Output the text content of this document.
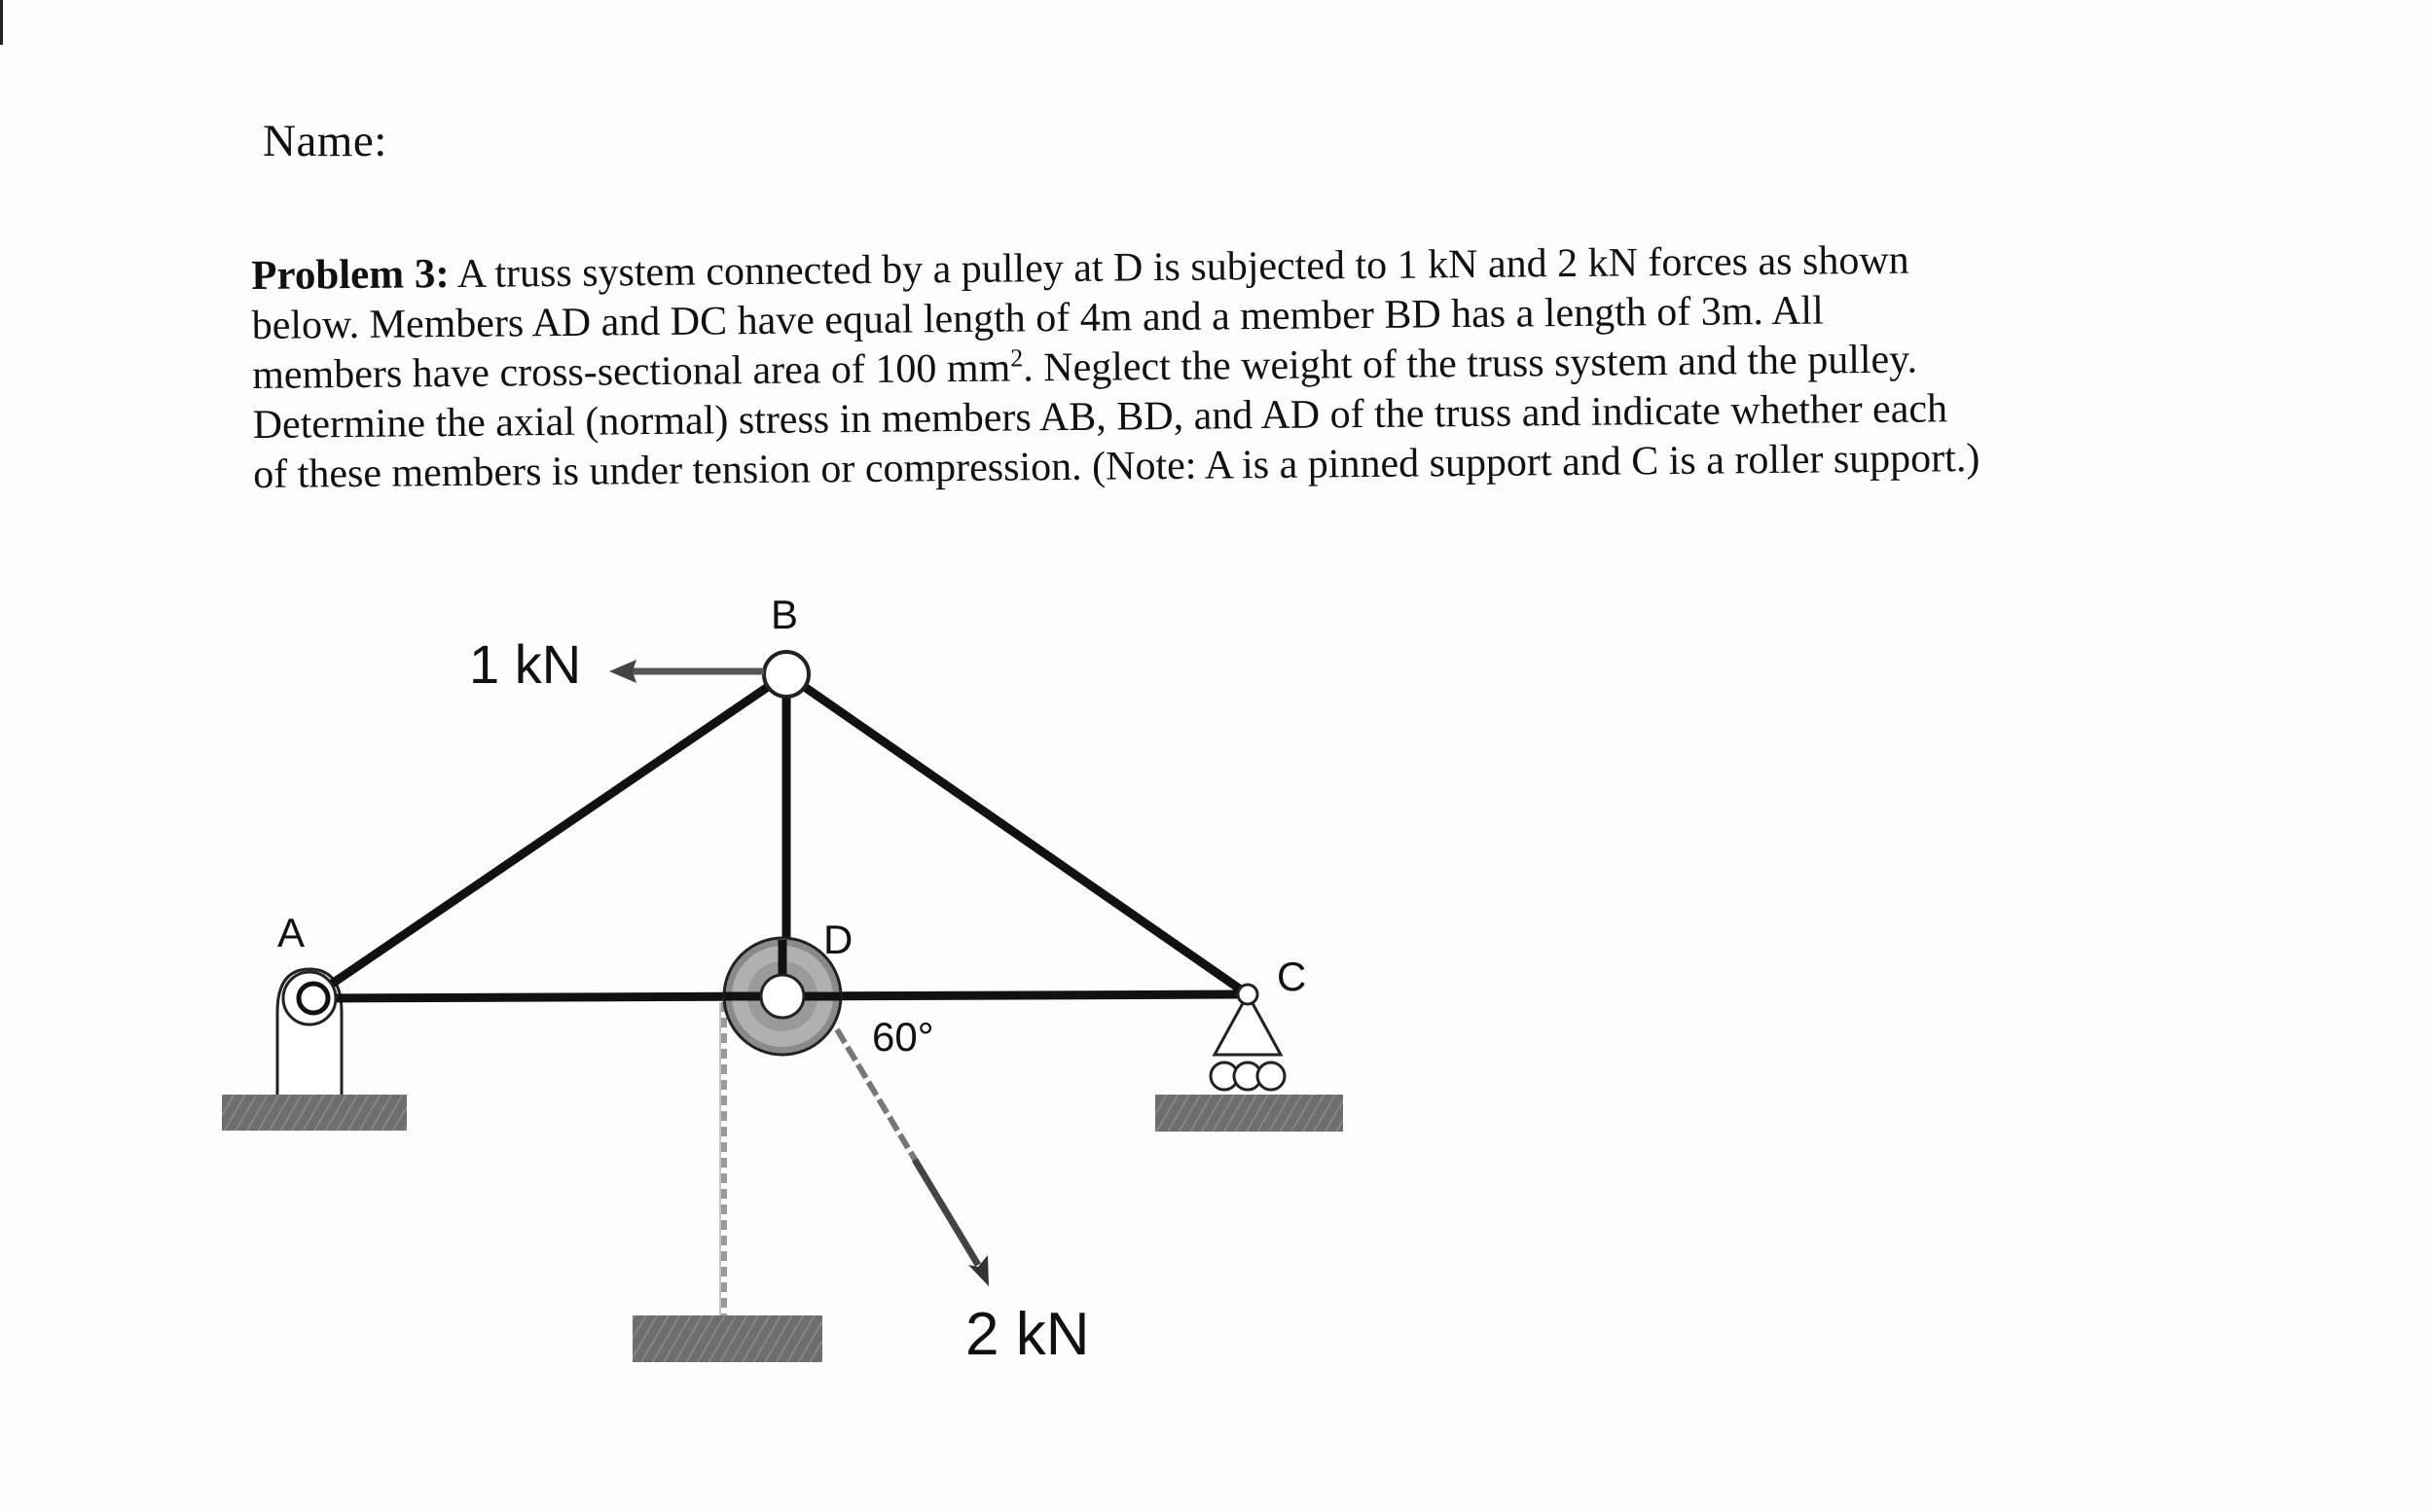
Name:
Problem 3: A truss system connected by a pulley at D is subjected to 1 kN and 2 kN forces as shown
below. Members AD and DC have equal length of 4m and a member BD has a length of 3m. All
members have cross-sectional area of 100 $mm^2$. Neglect the weight of the truss system and the pulley.
Determine the axial (normal) stress in members AB, BD, and AD of the truss and indicate whether each
of these members is under tension or compression. (Note: A is a pinned support and C is a roller support.)
B
A
C
D
1 kN
2 kN
60°
